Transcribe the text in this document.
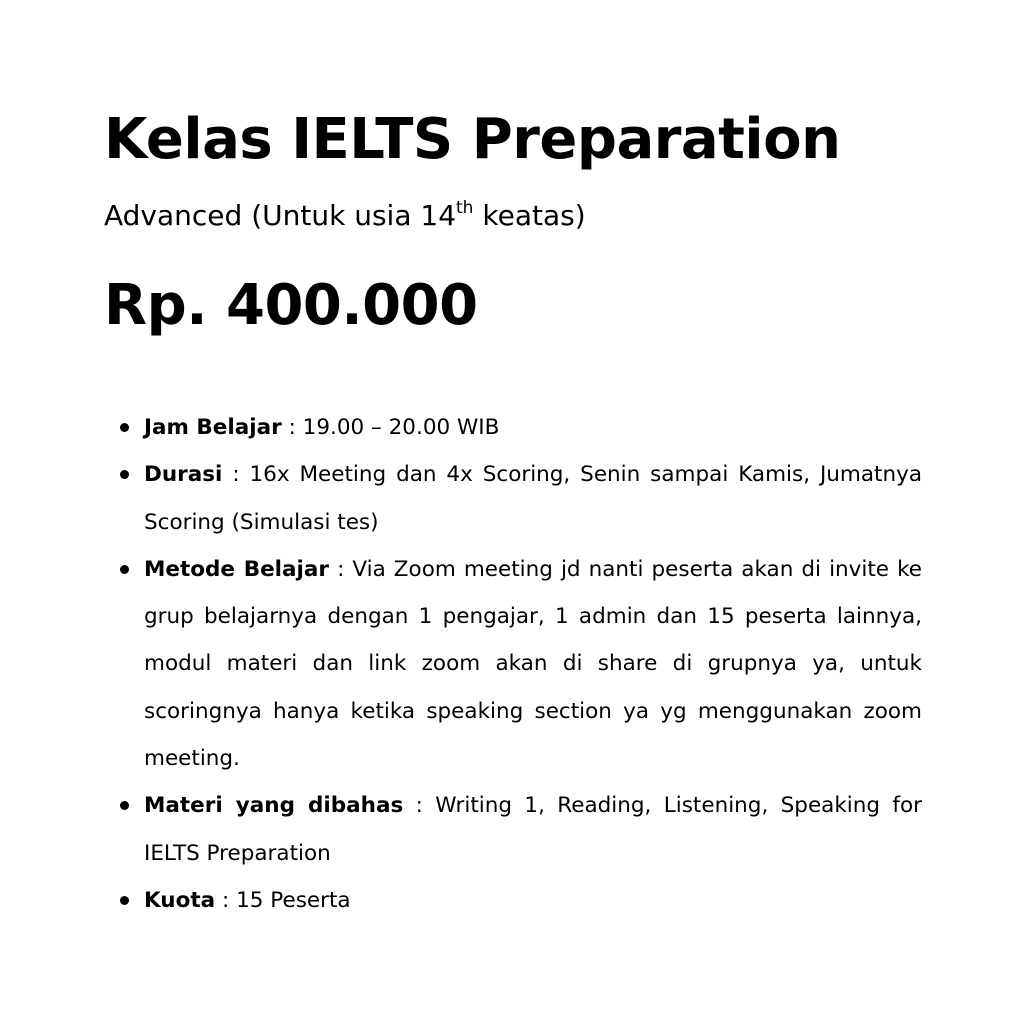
Kelas IELTS Preparation

Advanced (Untuk usia 14th keatas)

Rp. 400.000
Jam Belajar : 19.00 – 20.00 WIB
Durasi : 16x Meeting dan 4x Scoring, Senin sampai Kamis, Jumatnya Scoring (Simulasi tes)
Metode Belajar : Via Zoom meeting jd nanti peserta akan di invite ke grup belajarnya dengan 1 pengajar, 1 admin dan 15 peserta lainnya, modul materi dan link zoom akan di share di grupnya ya, untuk scoringnya hanya ketika speaking section ya yg menggunakan zoom meeting.
Materi yang dibahas : Writing 1, Reading, Listening, Speaking for IELTS Preparation
Kuota : 15 Peserta
